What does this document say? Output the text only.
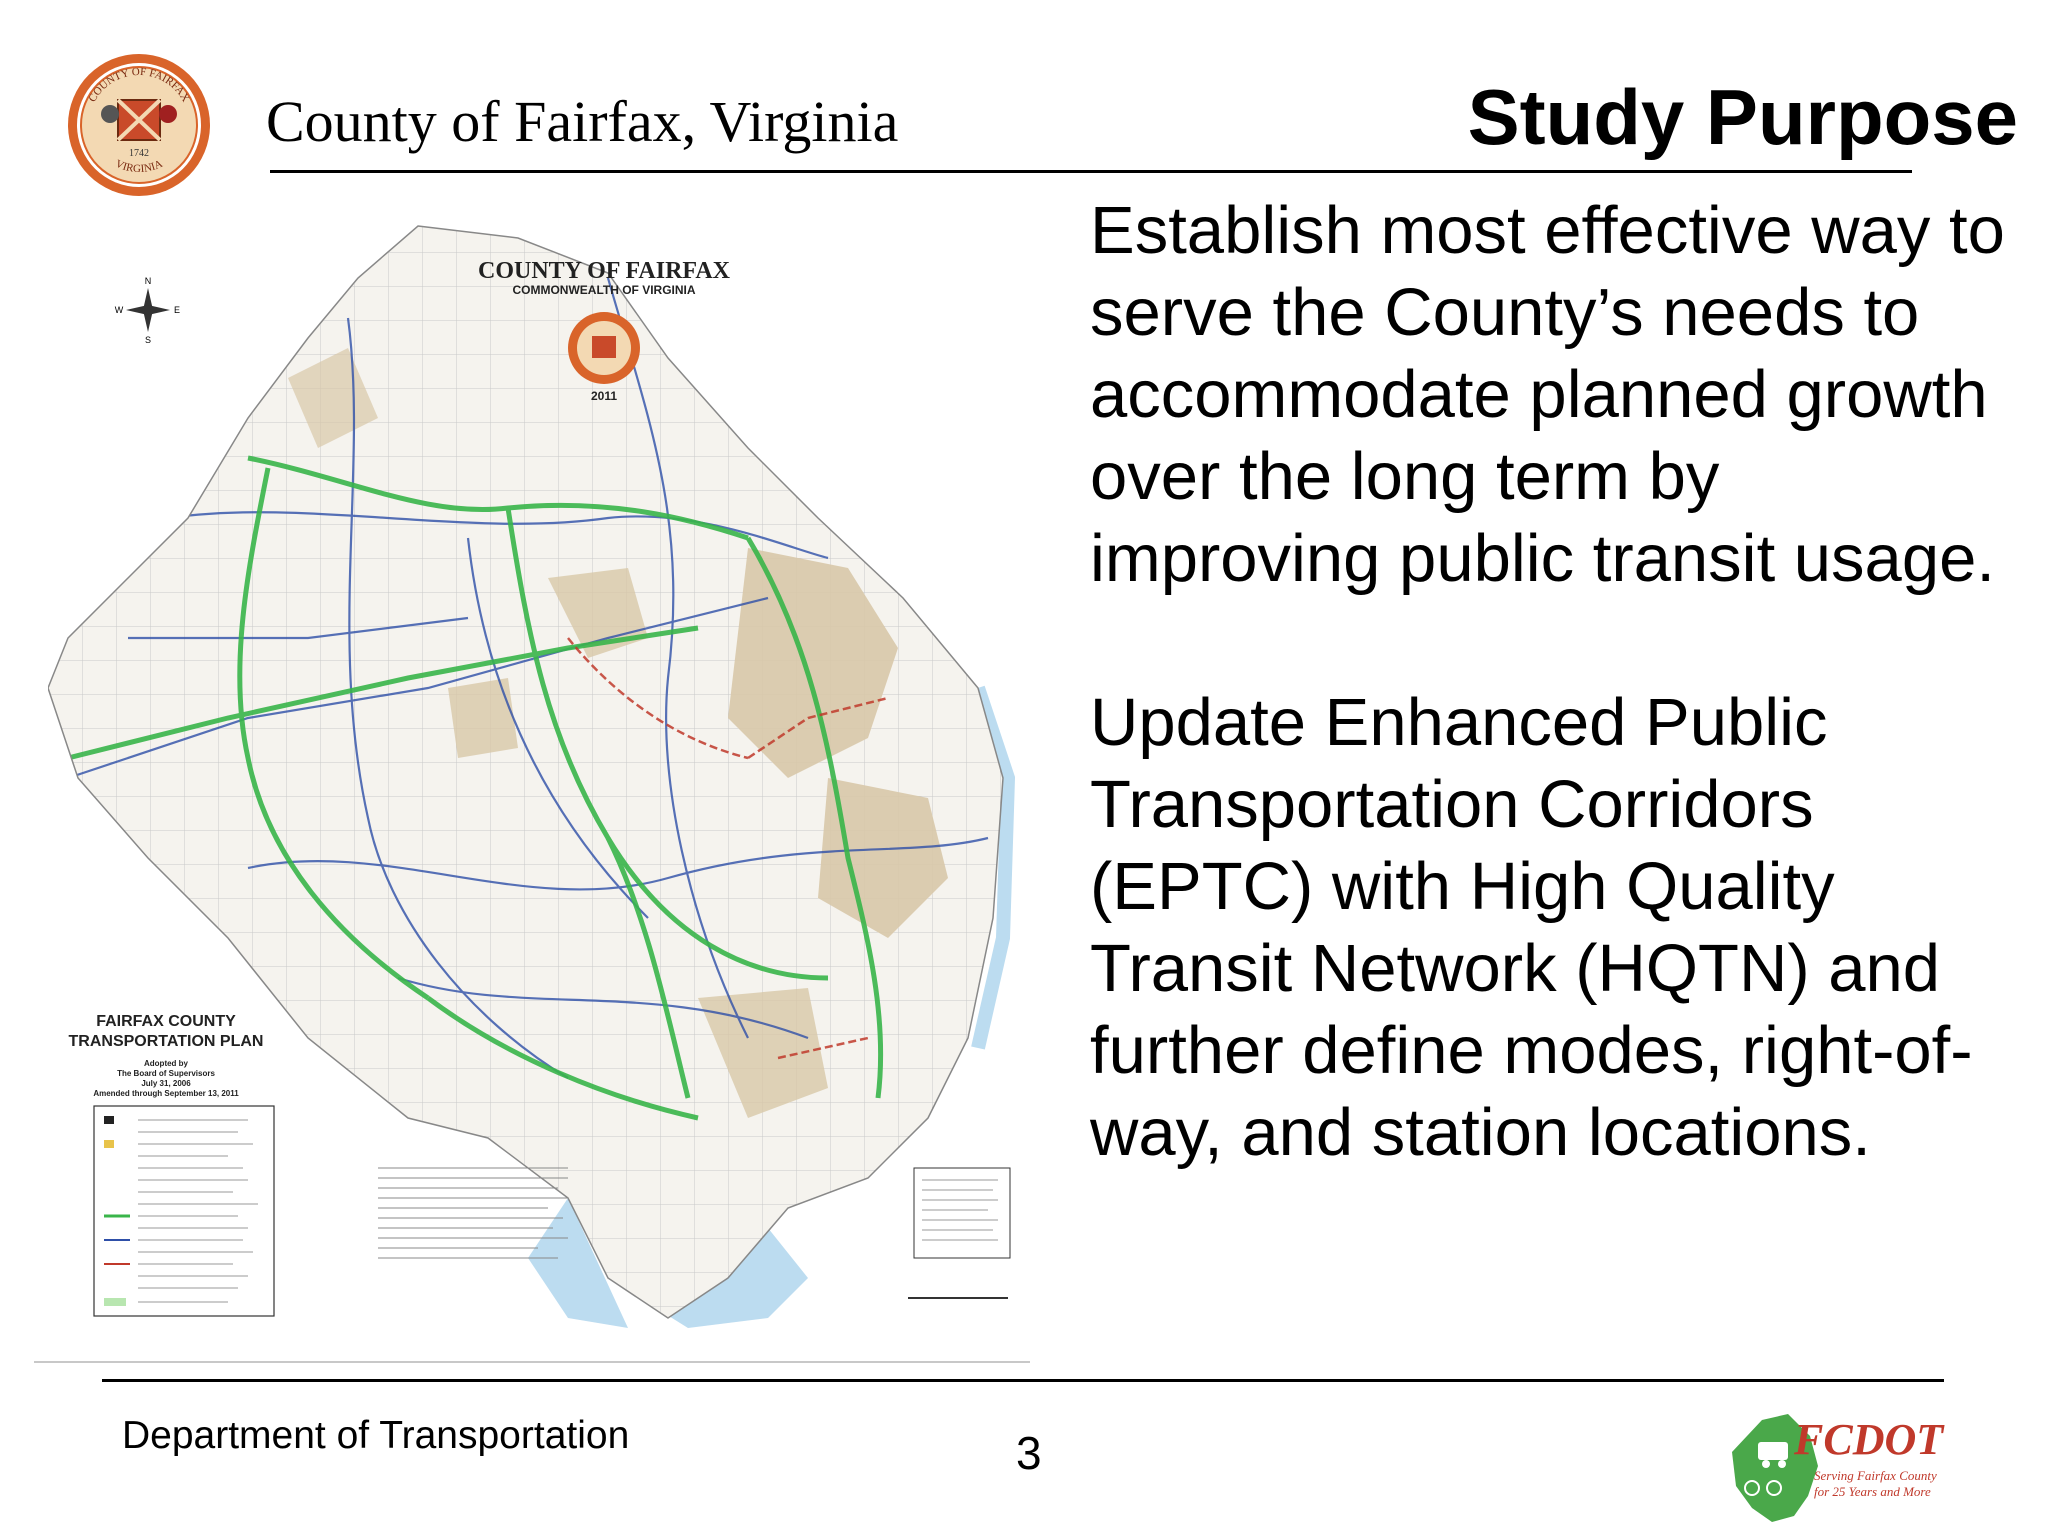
COUNTY OF FAIRFAX
VIRGINIA
1742 County of Fairfax, Virginia	Study Purpose
N
S
E
W
COUNTY OF FAIRFAX
COMMONWEALTH OF VIRGINIA
2011
FAIRFAX COUNTY
TRANSPORTATION PLAN
Adopted by
The Board of Supervisors
July 31, 2006
Amended through September 13, 2011

Establish most effective way to serve the County’s needs to accommodate planned growth over the long term by improving public transit usage.

Update Enhanced Public Transportation Corridors (EPTC) with High Quality Transit Network (HQTN) and further define modes, right-of-way, and station locations.

Department of Transportation	3	FCDOT
Serving Fairfax County
for 25 Years and More
